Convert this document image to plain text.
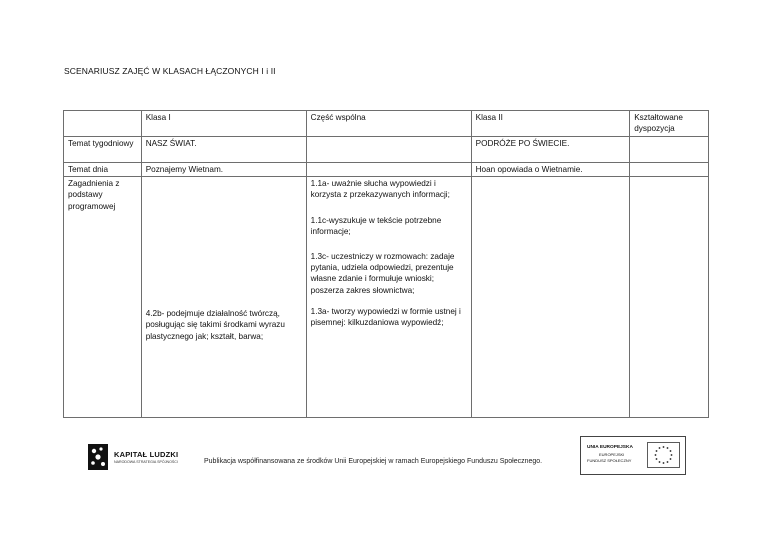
SCENARIUSZ ZAJĘĆ W KLASACH ŁĄCZONYCH I i II
	Klasa I	Część wspólna	Klasa II	Kształtowane dyspozycja
Temat tygodniowy	NASZ ŚWIAT.		PODRÓŻE PO ŚWIECIE.	
Temat dnia	Poznajemy Wietnam.		Hoan opowiada o Wietnamie.	
Zagadnienia z podstawy programowej	4.2b- podejmuje działalność twórczą, posługując się takimi środkami wyrazu plastycznego jak; kształt, barwa;	1.1a- uważnie słucha wypowiedzi i korzysta z przekazywanych informacji;

1.1c-wyszukuje w tekście potrzebne informacje;

1.3c- uczestniczy w rozmowach: zadaje pytania, udziela odpowiedzi, prezentuje własne zdanie i formułuje wnioski; poszerza zakres słownictwa;

1.3a- tworzy wypowiedzi w formie ustnej i pisemnej: kilkuzdaniowa wypowiedź;		

KAPITAŁ LUDZKI
NARODOWA STRATEGIA SPÓJNOŚCI	Publikacja współfinansowana ze środków Unii Europejskiej w ramach Europejskiego Funduszu Społecznego.
UNIA EUROPEJSKA
EUROPEJSKI
FUNDUSZ SPOŁECZNY
